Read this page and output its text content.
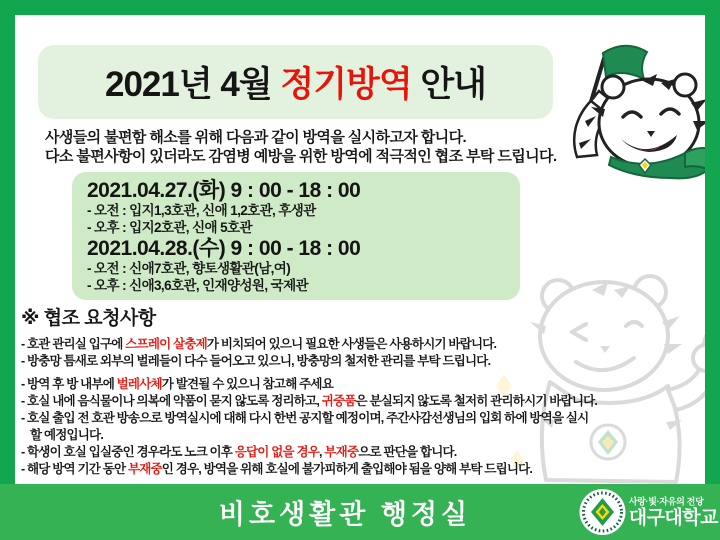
2021년 4월 정기방역 안내
사생들의 불편함 해소를 위해 다음과 같이 방역을 실시하고자 합니다.
다소 불편사항이 있더라도 감염병 예방을 위한 방역에 적극적인 협조 부탁 드립니다.
2021.04.27.(화) 9 : 00 - 18 : 00
- 오전 : 입지1,3호관, 신애 1,2호관, 후생관
- 오후 : 입지2호관, 신애 5호관
2021.04.28.(수) 9 : 00 - 18 : 00
- 오전 : 신애7호관, 향토생활관(남,여)
- 오후 : 신애3,6호관, 인재양성원, 국제관
※ 협조 요청사항
- 호관 관리실 입구에 스프레이 살충제가 비치되어 있으니 필요한 사생들은 사용하시기 바랍니다.
- 방충망 틈새로 외부의 벌레들이 다수 들어오고 있으니, 방충망의 철저한 관리를 부탁 드립니다.
- 방역 후 방 내부에 벌레사체가 발견될 수 있으니 참고해 주세요
- 호실 내에 음식물이나 의복에 약품이 묻지 않도록 정리하고, 귀중품은 분실되지 않도록 철저히 관리하시기 바랍니다.
- 호실 출입 전 호관 방송으로 방역실시에 대해 다시 한번 공지할 예정이며, 주간사감선생님의 입회 하에 방역을 실시
할 예정입니다.
- 학생이 호실 입실중인 경우라도 노크 이후 응답이 없을 경우, 부재중으로 판단을 합니다.
- 해당 방역 기간 동안 부재중인 경우, 방역을 위해 호실에 불가피하게 출입해야 됨을 양해 부탁 드립니다.
비호생활관 행정실	사랑·빛·자유의 전당
대구대학교
